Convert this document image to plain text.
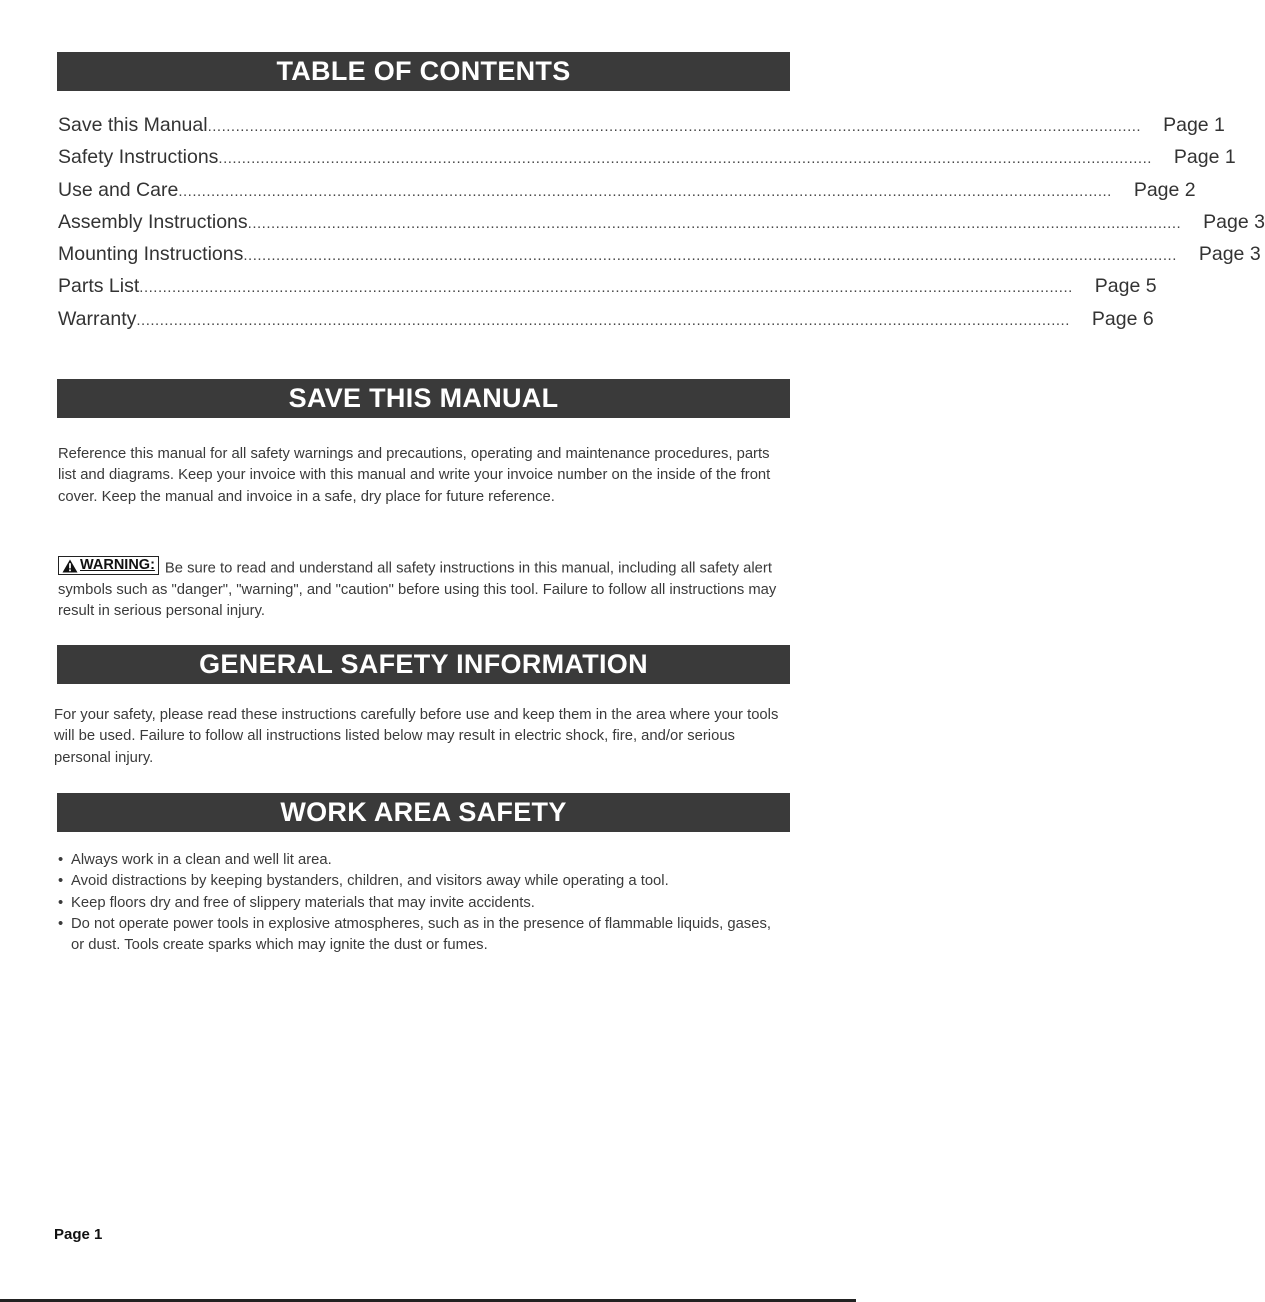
TABLE OF CONTENTS
Save this Manual ........................................................................................................................................................................................................ Page 1
Safety Instructions ........................................................................................................................................................................................................ Page 1
Use and Care ........................................................................................................................................................................................................ Page 2
Assembly Instructions ........................................................................................................................................................................................................ Page 3
Mounting Instructions ........................................................................................................................................................................................................ Page 3
Parts List ........................................................................................................................................................................................................ Page 5
Warranty ........................................................................................................................................................................................................ Page 6
SAVE THIS MANUAL
Reference this manual for all safety warnings and precautions, operating and maintenance procedures, parts list and diagrams. Keep your invoice with this manual and write your invoice number on the inside of the front cover. Keep the manual and invoice in a safe, dry place for future reference.
WARNING: Be sure to read and understand all safety instructions in this manual, including all safety alert symbols such as "danger", "warning", and "caution" before using this tool. Failure to follow all instructions may result in serious personal injury.
GENERAL SAFETY INFORMATION
For your safety, please read these instructions carefully before use and keep them in the area where your tools will be used. Failure to follow all instructions listed below may result in electric shock, fire, and/or serious personal injury.
WORK AREA SAFETY
• Always work in a clean and well lit area.
• Avoid distractions by keeping bystanders, children, and visitors away while operating a tool.
• Keep floors dry and free of slippery materials that may invite accidents.
• Do not operate power tools in explosive atmospheres, such as in the presence of flammable liquids, gases, or dust. Tools create sparks which may ignite the dust or fumes.
Page 1
